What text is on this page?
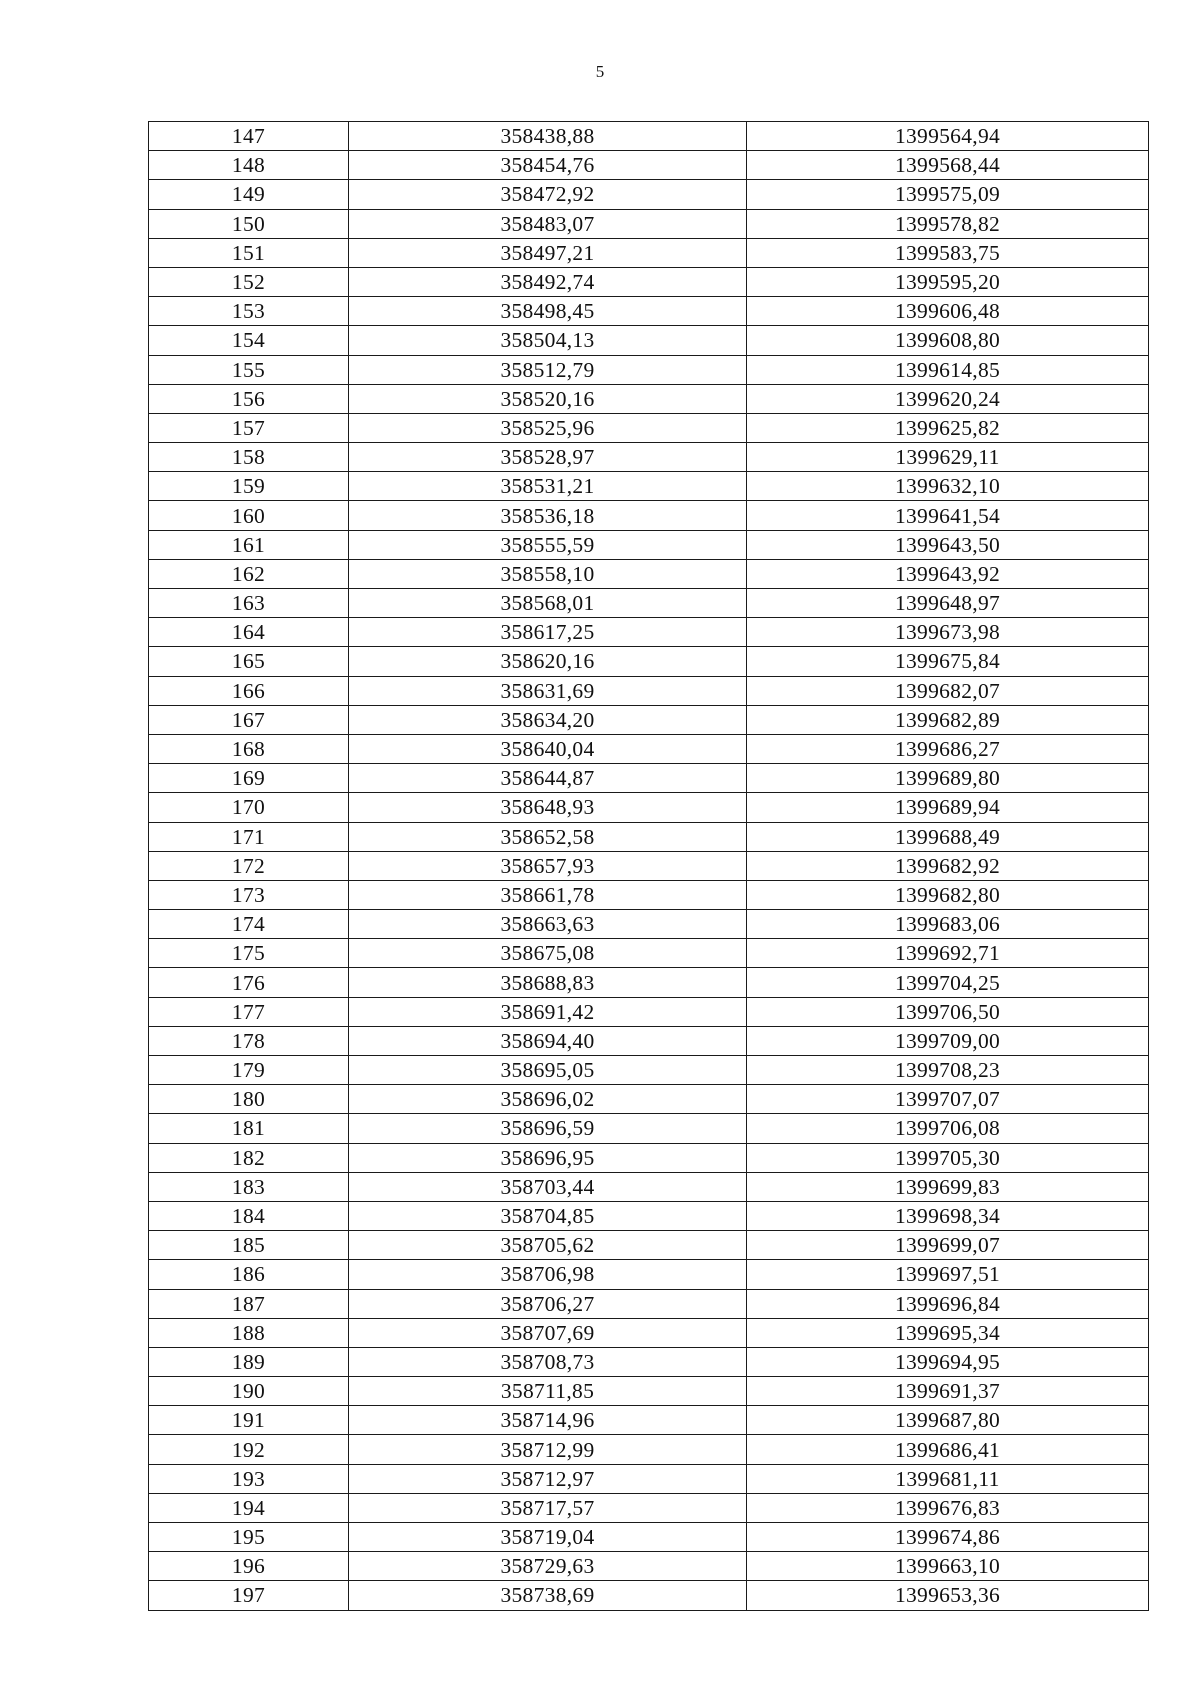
5
147	358438,88	1399564,94
148	358454,76	1399568,44
149	358472,92	1399575,09
150	358483,07	1399578,82
151	358497,21	1399583,75
152	358492,74	1399595,20
153	358498,45	1399606,48
154	358504,13	1399608,80
155	358512,79	1399614,85
156	358520,16	1399620,24
157	358525,96	1399625,82
158	358528,97	1399629,11
159	358531,21	1399632,10
160	358536,18	1399641,54
161	358555,59	1399643,50
162	358558,10	1399643,92
163	358568,01	1399648,97
164	358617,25	1399673,98
165	358620,16	1399675,84
166	358631,69	1399682,07
167	358634,20	1399682,89
168	358640,04	1399686,27
169	358644,87	1399689,80
170	358648,93	1399689,94
171	358652,58	1399688,49
172	358657,93	1399682,92
173	358661,78	1399682,80
174	358663,63	1399683,06
175	358675,08	1399692,71
176	358688,83	1399704,25
177	358691,42	1399706,50
178	358694,40	1399709,00
179	358695,05	1399708,23
180	358696,02	1399707,07
181	358696,59	1399706,08
182	358696,95	1399705,30
183	358703,44	1399699,83
184	358704,85	1399698,34
185	358705,62	1399699,07
186	358706,98	1399697,51
187	358706,27	1399696,84
188	358707,69	1399695,34
189	358708,73	1399694,95
190	358711,85	1399691,37
191	358714,96	1399687,80
192	358712,99	1399686,41
193	358712,97	1399681,11
194	358717,57	1399676,83
195	358719,04	1399674,86
196	358729,63	1399663,10
197	358738,69	1399653,36
